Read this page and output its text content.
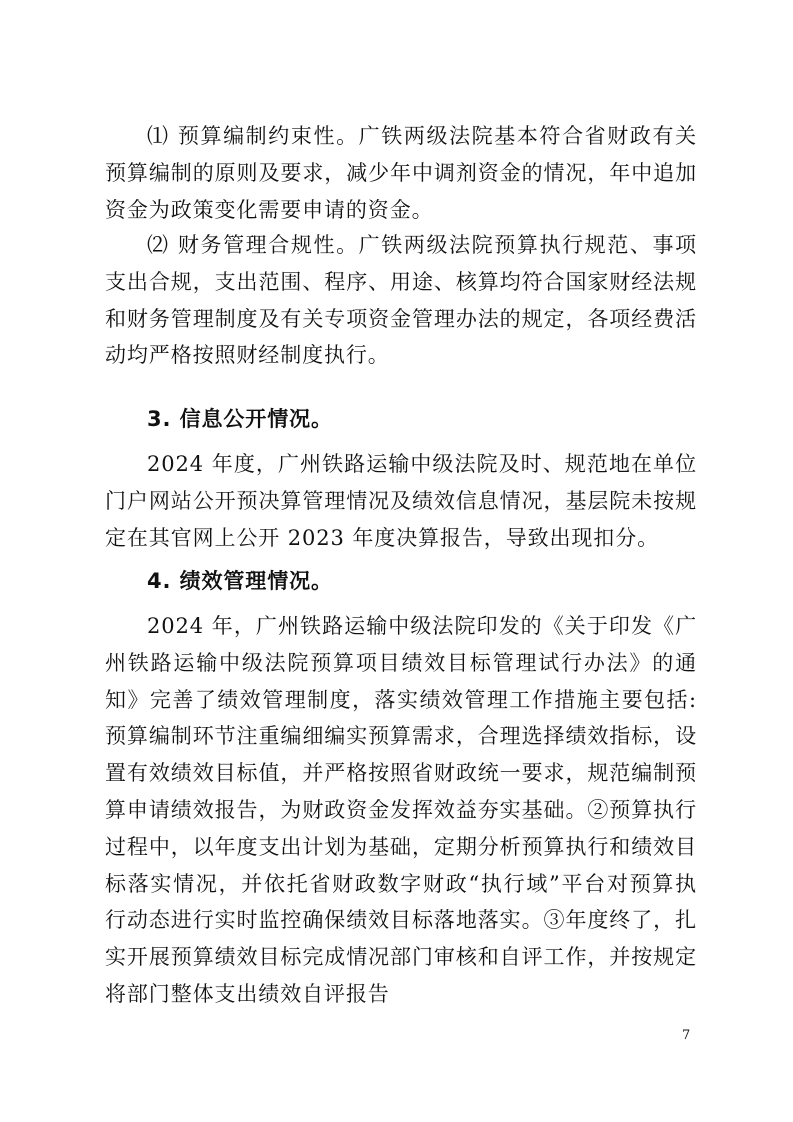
⑴ 预算编制约束性。广铁两级法院基本符合省财政有关预算编制的原则及要求，减少年中调剂资金的情况，年中追加资金为政策变化需要申请的资金。

⑵ 财务管理合规性。广铁两级法院预算执行规范、事项支出合规，支出范围、程序、用途、核算均符合国家财经法规和财务管理制度及有关专项资金管理办法的规定，各项经费活动均严格按照财经制度执行。

3. 信息公开情况。

2024 年度，广州铁路运输中级法院及时、规范地在单位门户网站公开预决算管理情况及绩效信息情况，基层院未按规定在其官网上公开 2023 年度决算报告，导致出现扣分。

4. 绩效管理情况。

2024 年，广州铁路运输中级法院印发的《关于印发《广州铁路运输中级法院预算项目绩效目标管理试行办法》的通知》完善了绩效管理制度，落实绩效管理工作措施主要包括: 预算编制环节注重编细编实预算需求，合理选择绩效指标，设置有效绩效目标值，并严格按照省财政统一要求，规范编制预算申请绩效报告，为财政资金发挥效益夯实基础。②预算执行过程中，以年度支出计划为基础，定期分析预算执行和绩效目标落实情况，并依托省财政数字财政“执行域”平台对预算执行动态进行实时监控确保绩效目标落地落实。③年度终了，扎实开展预算绩效目标完成情况部门审核和自评工作，并按规定将部门整体支出绩效自评报告

7
